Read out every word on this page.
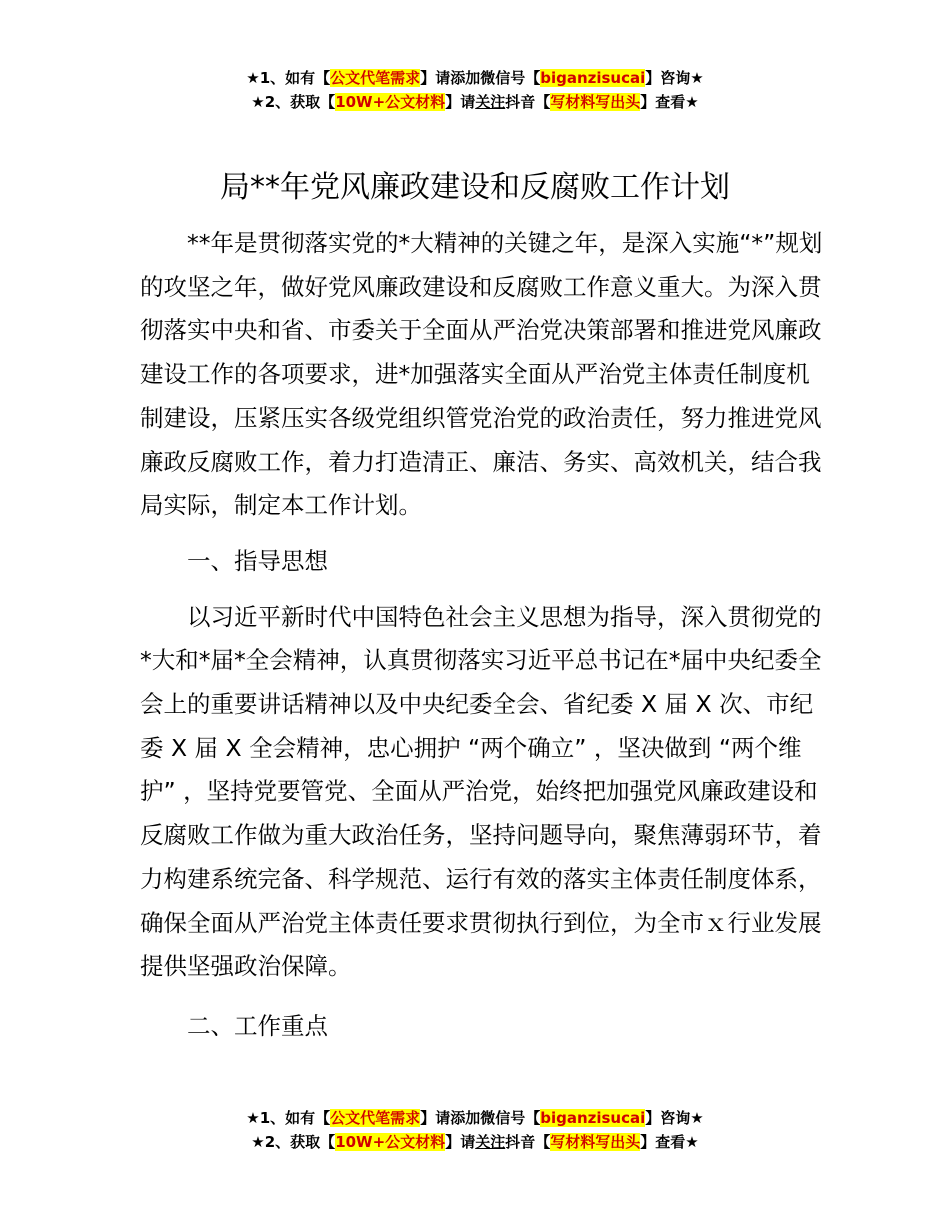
★1、如有【公文代笔需求】请添加微信号【biganzisucai】咨询★
★2、获取【10W+公文材料】请关注抖音【写材料写出头】查看★
局**年党风廉政建设和反腐败工作计划

**年是贯彻落实党的*大精神的关键之年，是深入实施“*”规划的攻坚之年，做好党风廉政建设和反腐败工作意义重大。为深入贯彻落实中央和省、市委关于全面从严治党决策部署和推进党风廉政建设工作的各项要求，进*加强落实全面从严治党主体责任制度机制建设，压紧压实各级党组织管党治党的政治责任，努力推进党风廉政反腐败工作，着力打造清正、廉洁、务实、高效机关，结合我局实际，制定本工作计划。

一、指导思想

以习近平新时代中国特色社会主义思想为指导，深入贯彻党的*大和*届*全会精神，认真贯彻落实习近平总书记在*届中央纪委全会上的重要讲话精神以及中央纪委全会、省纪委 X 届 X 次、市纪委 X 届 X 全会精神，忠心拥护 “两个确立” ，坚决做到 “两个维护” ，坚持党要管党、全面从严治党，始终把加强党风廉政建设和反腐败工作做为重大政治任务，坚持问题导向，聚焦薄弱环节，着力构建系统完备、科学规范、运行有效的落实主体责任制度体系，确保全面从严治党主体责任要求贯彻执行到位，为全市ｘ行业发展提供坚强政治保障。

二、工作重点

★1、如有【公文代笔需求】请添加微信号【biganzisucai】咨询★
★2、获取【10W+公文材料】请关注抖音【写材料写出头】查看★
